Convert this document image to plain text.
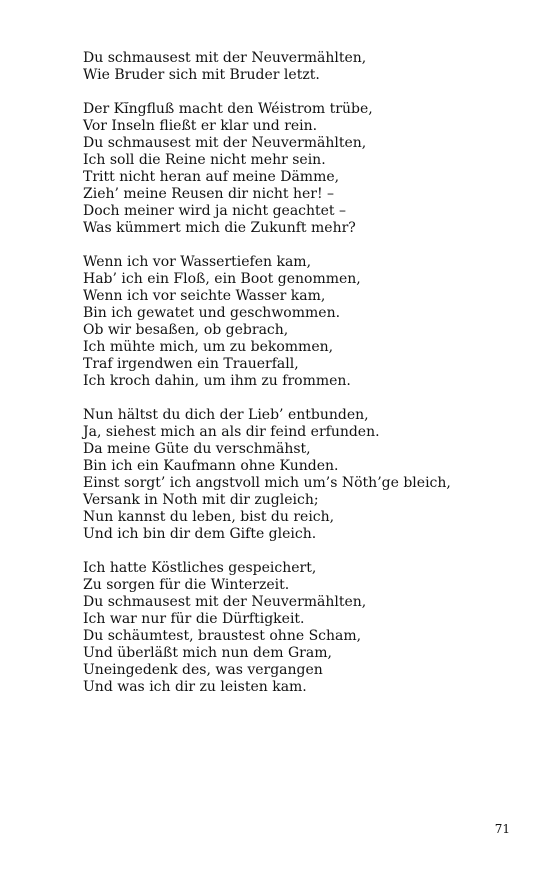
Du schmausest mit der Neuvermählten,
Wie Bruder sich mit Bruder letzt.
Der Kĭngfluß macht den Wéistrom trübe,
Vor Inseln fließt er klar und rein.
Du schmausest mit der Neuvermählten,
Ich soll die Reine nicht mehr sein.
Tritt nicht heran auf meine Dämme,
Zieh’ meine Reusen dir nicht her! –
Doch meiner wird ja nicht geachtet –
Was kümmert mich die Zukunft mehr?
Wenn ich vor Wassertiefen kam,
Hab’ ich ein Floß, ein Boot genommen,
Wenn ich vor seichte Wasser kam,
Bin ich gewatet und geschwommen.
Ob wir besaßen, ob gebrach,
Ich mühte mich, um zu bekommen,
Traf irgendwen ein Trauerfall,
Ich kroch dahin, um ihm zu frommen.
Nun hältst du dich der Lieb’ entbunden,
Ja, siehest mich an als dir feind erfunden.
Da meine Güte du verschmähst,
Bin ich ein Kaufmann ohne Kunden.
Einst sorgt’ ich angstvoll mich um’s Nöth’ge bleich,
Versank in Noth mit dir zugleich;
Nun kannst du leben, bist du reich,
Und ich bin dir dem Gifte gleich.
Ich hatte Köstliches gespeichert,
Zu sorgen für die Winterzeit.
Du schmausest mit der Neuvermählten,
Ich war nur für die Dürftigkeit.
Du schäumtest, braustest ohne Scham,
Und überläßt mich nun dem Gram,
Uneingedenk des, was vergangen
Und was ich dir zu leisten kam.
71
